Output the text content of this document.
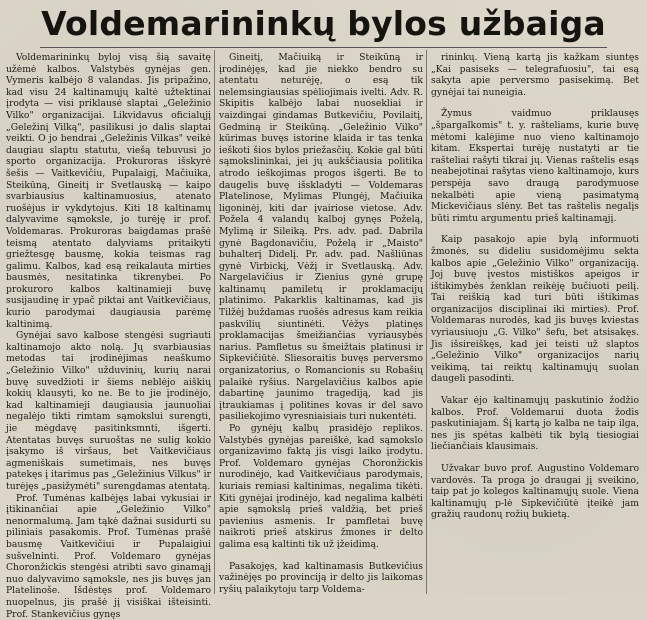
Voldemarininkų bylos užbaiga

Voldemarininkų byloj visą šią savaitę užėmė kalbos. Valstybės gynėjas gen. Vymeris kalbėjo 8 valandas. Jis pripažino, kad visu 24 kaltinamųjų kaltė užtektinai įrodyta — visi priklausė slaptai „Geležinio Vilko" organizacijai. Likvidavus oficialųjį „Geležinį Vilką", pasilikusi jo dalis slaptai veikti. O jo bendrai „Geležinis Vilkas" veikė daugiau slaptu statutu, viešą tebuvusi jo sporto organizacija. Prokuroras išskyrė šešis — Vaitkevičiu, Pupalaigį, Mačiuika, Steikūną, Gineitį ir Svetlauską — kaipo svarbiausius kaltinamuosius, atenato ruošėjus ir vykdytojus. Kiti 18 kaltinamų dalyvavime sąmoksle, jo turėję ir prof. Voldemaras. Prokuroras baigdamas prašė teismą atentato dalyviams pritaikyti griežtesgę bausmę, kokia teismas rag galimu. Kalbos, kad esą reikalauta mirties bausmės, nesitatinka tikrenybei. Po prokuroro kalbos kaltinamieji buvę susijaudinę ir ypač piktai ant Vaitkevičiaus, kurio parodymai daugiausia parėmę kaltinimą.

Gynėjai savo kalbose stengėsi sugriauti kaltinamojo akto nolą. Jų svarbiausias metodas tai įrodinėjimas neaškumo „Geležinio Vilko" užduvinių, kurių narai buvę suvedžioti ir šiems neblėjo aiškių kokių klausyti, ko ne. Be to jie įrodinėjo, kad kaltinamieji daugiausia jaunuoliai negalėjo tikti rimtam sąmokslui surengti, jie mėgdavę pasitinksmnti, išgerti. Atentatas buvęs suruoštas ne sulig kokio įsakymo iš viršaus, bet Vaitkevičiaus agmeniškais sumetimais, nes buvęs patekęs į itarimus pas „Geležinius Vilkus" ir turėjęs „pasižymėti" surengdamas atentatą.

Prof. Tumėnas kalbėjęs labai vykusiai ir įtikinančiai apie „Geležinio Vilko" nenormalumą. Jam tąkė dažnai susidurti su piliniais pasakomis. Prof. Tumėnas prašė bausmę Vaitkevičiui ir Pupalaigiui sušvelninti. Prof. Voldemaro gynėjas Choronžickis stengėsi atribti savo ginamąjį nuo dalyvavimo sąmoksle, nes jis buvęs jan Platelinoše. Išdėstęs prof. Voldemaro nuopelnus, jis prašė jį visiškai išteisinti. Prof. Stankevičius gynęs

Gineitį, Mačiuiką ir Steikūną ir įrodinėjęs, kad jie niekko bendro su atentatu neturėję, o esą tik nelemsingiausias spėliojimais ivelti. Adv. R. Skipitis kalbėjo labai nuosekliai ir vaizdingai gindamas Butkevičiu, Povilaitį, Gedminą ir Steikūną. „Geležinio Vilko" kūrimas buvęs istorine klaida ir tas tenka ieškoti šios bylos priežasčių. Kokie gal būti sąmokslininkai, jei jų aukščiausia politika atrodo ieškojimas progos išgerti. Be to daugelis buvę išskladyti — Voldemaras Platelinose, Mylimas Plungėj, Mačiuika ligoninėj, kiti dar įvairiose vietose. Adv. Požela 4 valandų kalboj gynęs Poželą, Mylimą ir Sileiką. Prs. adv. pad. Dabrila gynė Bagdonavičiu, Poželą ir „Maisto" buhalterį Didelį. Pr. adv. pad. Našliūnas gynė Virbickį, Vėžį ir Svetlauską. Adv. Nargelavičius ir Zienius gynė grupę kaltinamų pamiletų ir proklamacijų platinimo. Pakarklis kaltinamas, kad jis Tilžėj buždamas ruošės adresus kam reikia paskvilių siuntinėti. Vėžys platinęs proklamacijas šmeižiančias vyriausybės narius. Pamfletus su šmeižtais platinusi ir Sipkevičiūtė. Sliesoraitis buvęs perversmo organizatorius, o Romancionis su Robašių palaikė ryšius. Nargelavičius kalbos apie dabartinę jaunimo tragediją, kad jis įtraukiamas į politines kovas ir del savo pasiliekojimo vyresniaisiais turi nukentėti.

Po gynėjų kalbų prasidėjo replikos. Valstybės gynėjas pareiškė, kad sąmokslo organizavimo faktą jis visgi laiko įrodytu. Prof. Voldemaro gynėjas Choronžickis nurodinėjo, kad Vaitkevičiaus parodymais, kuriais remiasi kaltinimas, negalima tikėti. Kiti gynėjai įrodinėjo, kad negalima kalbėti apie sąmokslą prieš valdžią, bet prieš pavienius asmenis. Ir pamfletai buvę naikroti prieš atskirus žmones ir delto galima esą kaltinti tik už įžeidimą.

Pasakojęs, kad kaltinamasis Butkevičius važinėjęs po provinciją ir delto jis laikomas ryšių palaikytoju tarp Voldema-

rininkų. Vieną kartą jis kažkam siuntęs „Kai pasiseks — telegrafuosiu", tai esą sakyta apie perversmo pasisekimą. Bet gynėjai tai nuneigia.

Žymus vaidmuo priklausęs „špargalkomis" t. y. rašteliams, kurie buvę mėtomi kalėjime nuo vieno kaltinamojo kitam. Ekspertai turėję nustatyti ar tie rašteliai rašyti tikrai jų. Vienas raštelis esąs neabejotinai rašytas vieno kaltinamojo, kurs perspėja savo draugą parodymuose nekalbėti apie vieną pasimatymą Mickevičiaus slėny. Bet tas raštelis negalįs būti rimtu argumentu prieš kaltinamąjį.

Kaip pasakojo apie bylą informuoti žmonės, su dideliu susidomėjimu sekta kalbos apie „Geležinio Vilko" organizaciją. Joj buvę įvestos mistiškos apeigos ir ištikimybės ženklan reikėję bučiuoti peilį. Tai reiškią kad turi būti ištikimas organizacijos disciplinai iki mirties). Prof. Voldemaras nurodės, kad jis buvęs kviestas vyriausiuoju „G. Vilko" šefu, bet atsisakęs. Jis išsireiškęs, kad jei teisti už slaptos „Geležinio Vilko" organizacijos narių veikimą, tai reiktų kaltinamųjų suolan daugeli pasodinti.

Vakar ėjo kaltinamųjų paskutinio žodžio kalbos. Prof. Voldemarui duota žodis paskutiniajam. Šį kartą jo kalba ne taip ilga, nes jis spėtas kalbėti tik bylą tiesiogiai liečiančiais klausimais.

Užvakar buvo prof. Augustino Voldemaro vardovės. Ta proga jo draugai jį sveikino, taip pat jo kolegos kaltinamųjų suole. Viena kaltinamųjų p-lė Sipkevičiūtė įteikė jam gražių raudonų rožių bukietą.
